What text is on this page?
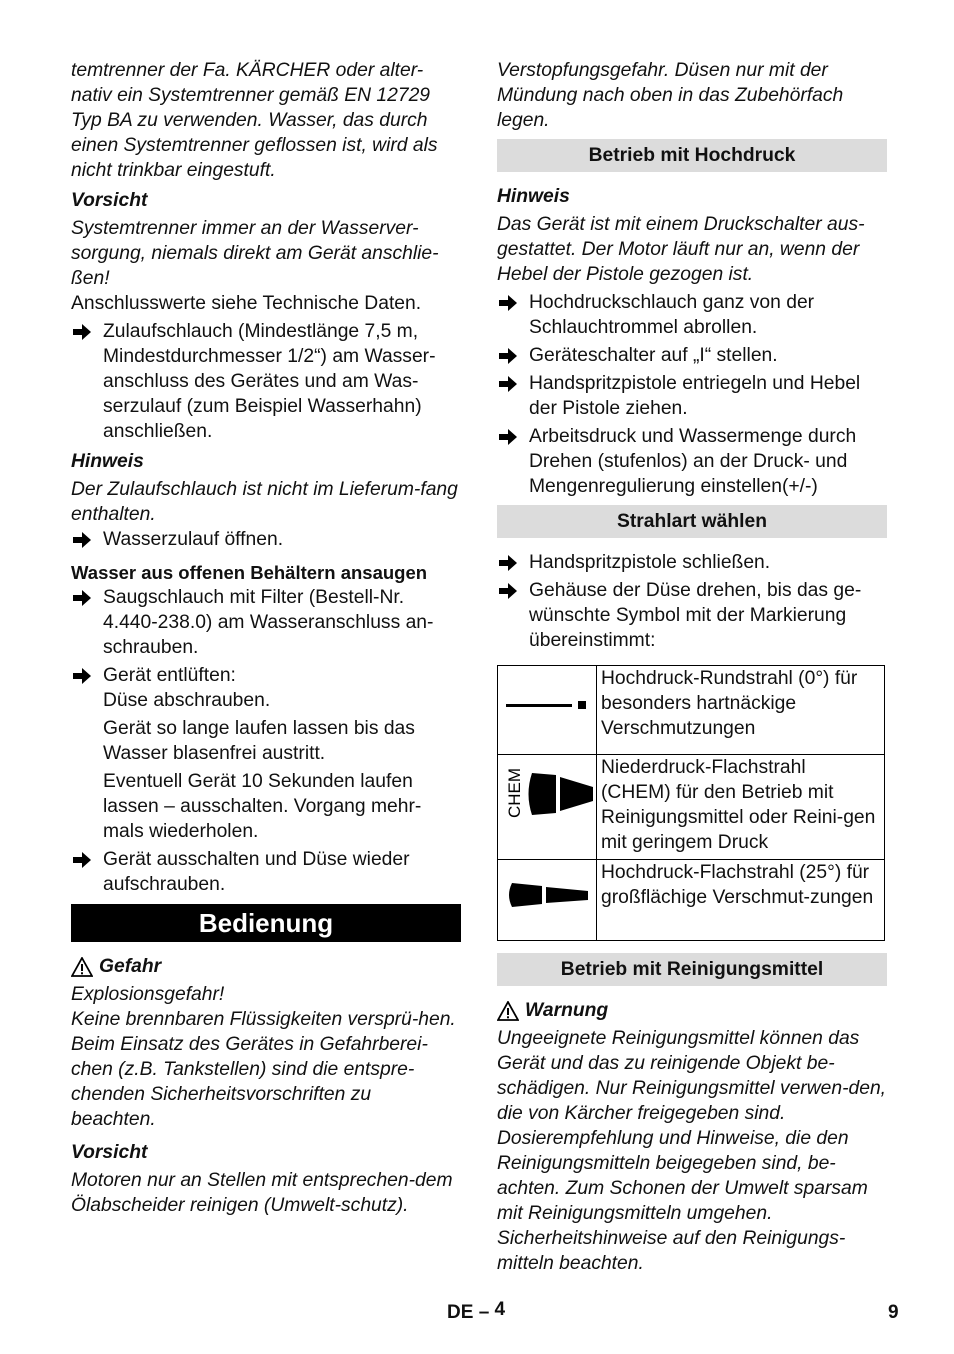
temtrenner der Fa. KÄRCHER oder alter-nativ ein Systemtrenner gemäß EN 12729 Typ BA zu verwenden. Wasser, das durch einen Systemtrenner geflossen ist, wird als nicht trinkbar eingestuft.

Vorsicht

Systemtrenner immer an der Wasserver-sorgung, niemals direkt am Gerät anschlie-ßen!

Anschlusswerte siehe Technische Daten.

Zulaufschlauch (Mindestlänge 7,5 m, Mindestdurchmesser 1/2“) am Wasser-anschluss des Gerätes und am Was-serzulauf (zum Beispiel Wasserhahn) anschließen.

Hinweis

Der Zulaufschlauch ist nicht im Lieferum-fang enthalten.

Wasserzulauf öffnen.

Wasser aus offenen Behältern ansaugen

Saugschlauch mit Filter (Bestell-Nr. 4.440-238.0) am Wasseranschluss an-schrauben.
Gerät entlüften:

Düse abschrauben.

Gerät so lange laufen lassen bis das Wasser blasenfrei austritt.

Eventuell Gerät 10 Sekunden laufen lassen – ausschalten. Vorgang mehr-mals wiederholen.

Gerät ausschalten und Düse wieder aufschrauben.
Bedienung
Gefahr

Explosionsgefahr!

Keine brennbaren Flüssigkeiten versprü-hen.

Beim Einsatz des Gerätes in Gefahrberei-chen (z.B. Tankstellen) sind die entspre-chenden Sicherheitsvorschriften zu beachten.

Vorsicht

Motoren nur an Stellen mit entsprechen-dem Ölabscheider reinigen (Umwelt-schutz).

Verstopfungsgefahr. Düsen nur mit der Mündung nach oben in das Zubehörfach legen.

Betrieb mit Hochdruck

Hinweis

Das Gerät ist mit einem Druckschalter aus-gestattet. Der Motor läuft nur an, wenn der Hebel der Pistole gezogen ist.

Hochdruckschlauch ganz von der Schlauchtrommel abrollen.
Geräteschalter auf „I“ stellen.
Handspritzpistole entriegeln und Hebel der Pistole ziehen.
Arbeitsdruck und Wassermenge durch Drehen (stufenlos) an der Druck- und Mengenregulierung einstellen(+/-)
Strahlart wählen
Handspritzpistole schließen.
Gehäuse der Düse drehen, bis das ge-wünschte Symbol mit der Markierung übereinstimmt:
	Hochdruck-Rundstrahl (0°) für besonders hartnäckige Verschmutzungen

CHEM	Niederdruck-Flachstrahl (CHEM) für den Betrieb mit Reinigungsmittel oder Reini-gen mit geringem Druck

	Hochdruck-Flachstrahl (25°) für großflächige Verschmut-zungen
Betrieb mit Reinigungsmittel
Warnung

Ungeeignete Reinigungsmittel können das Gerät und das zu reinigende Objekt be-schädigen. Nur Reinigungsmittel verwen-den, die von Kärcher freigegeben sind.

Dosierempfehlung und Hinweise, die den Reinigungsmitteln beigegeben sind, be-achten. Zum Schonen der Umwelt sparsam mit Reinigungsmitteln umgehen.

Sicherheitshinweise auf den Reinigungs-mitteln beachten.

DE – 4	9
